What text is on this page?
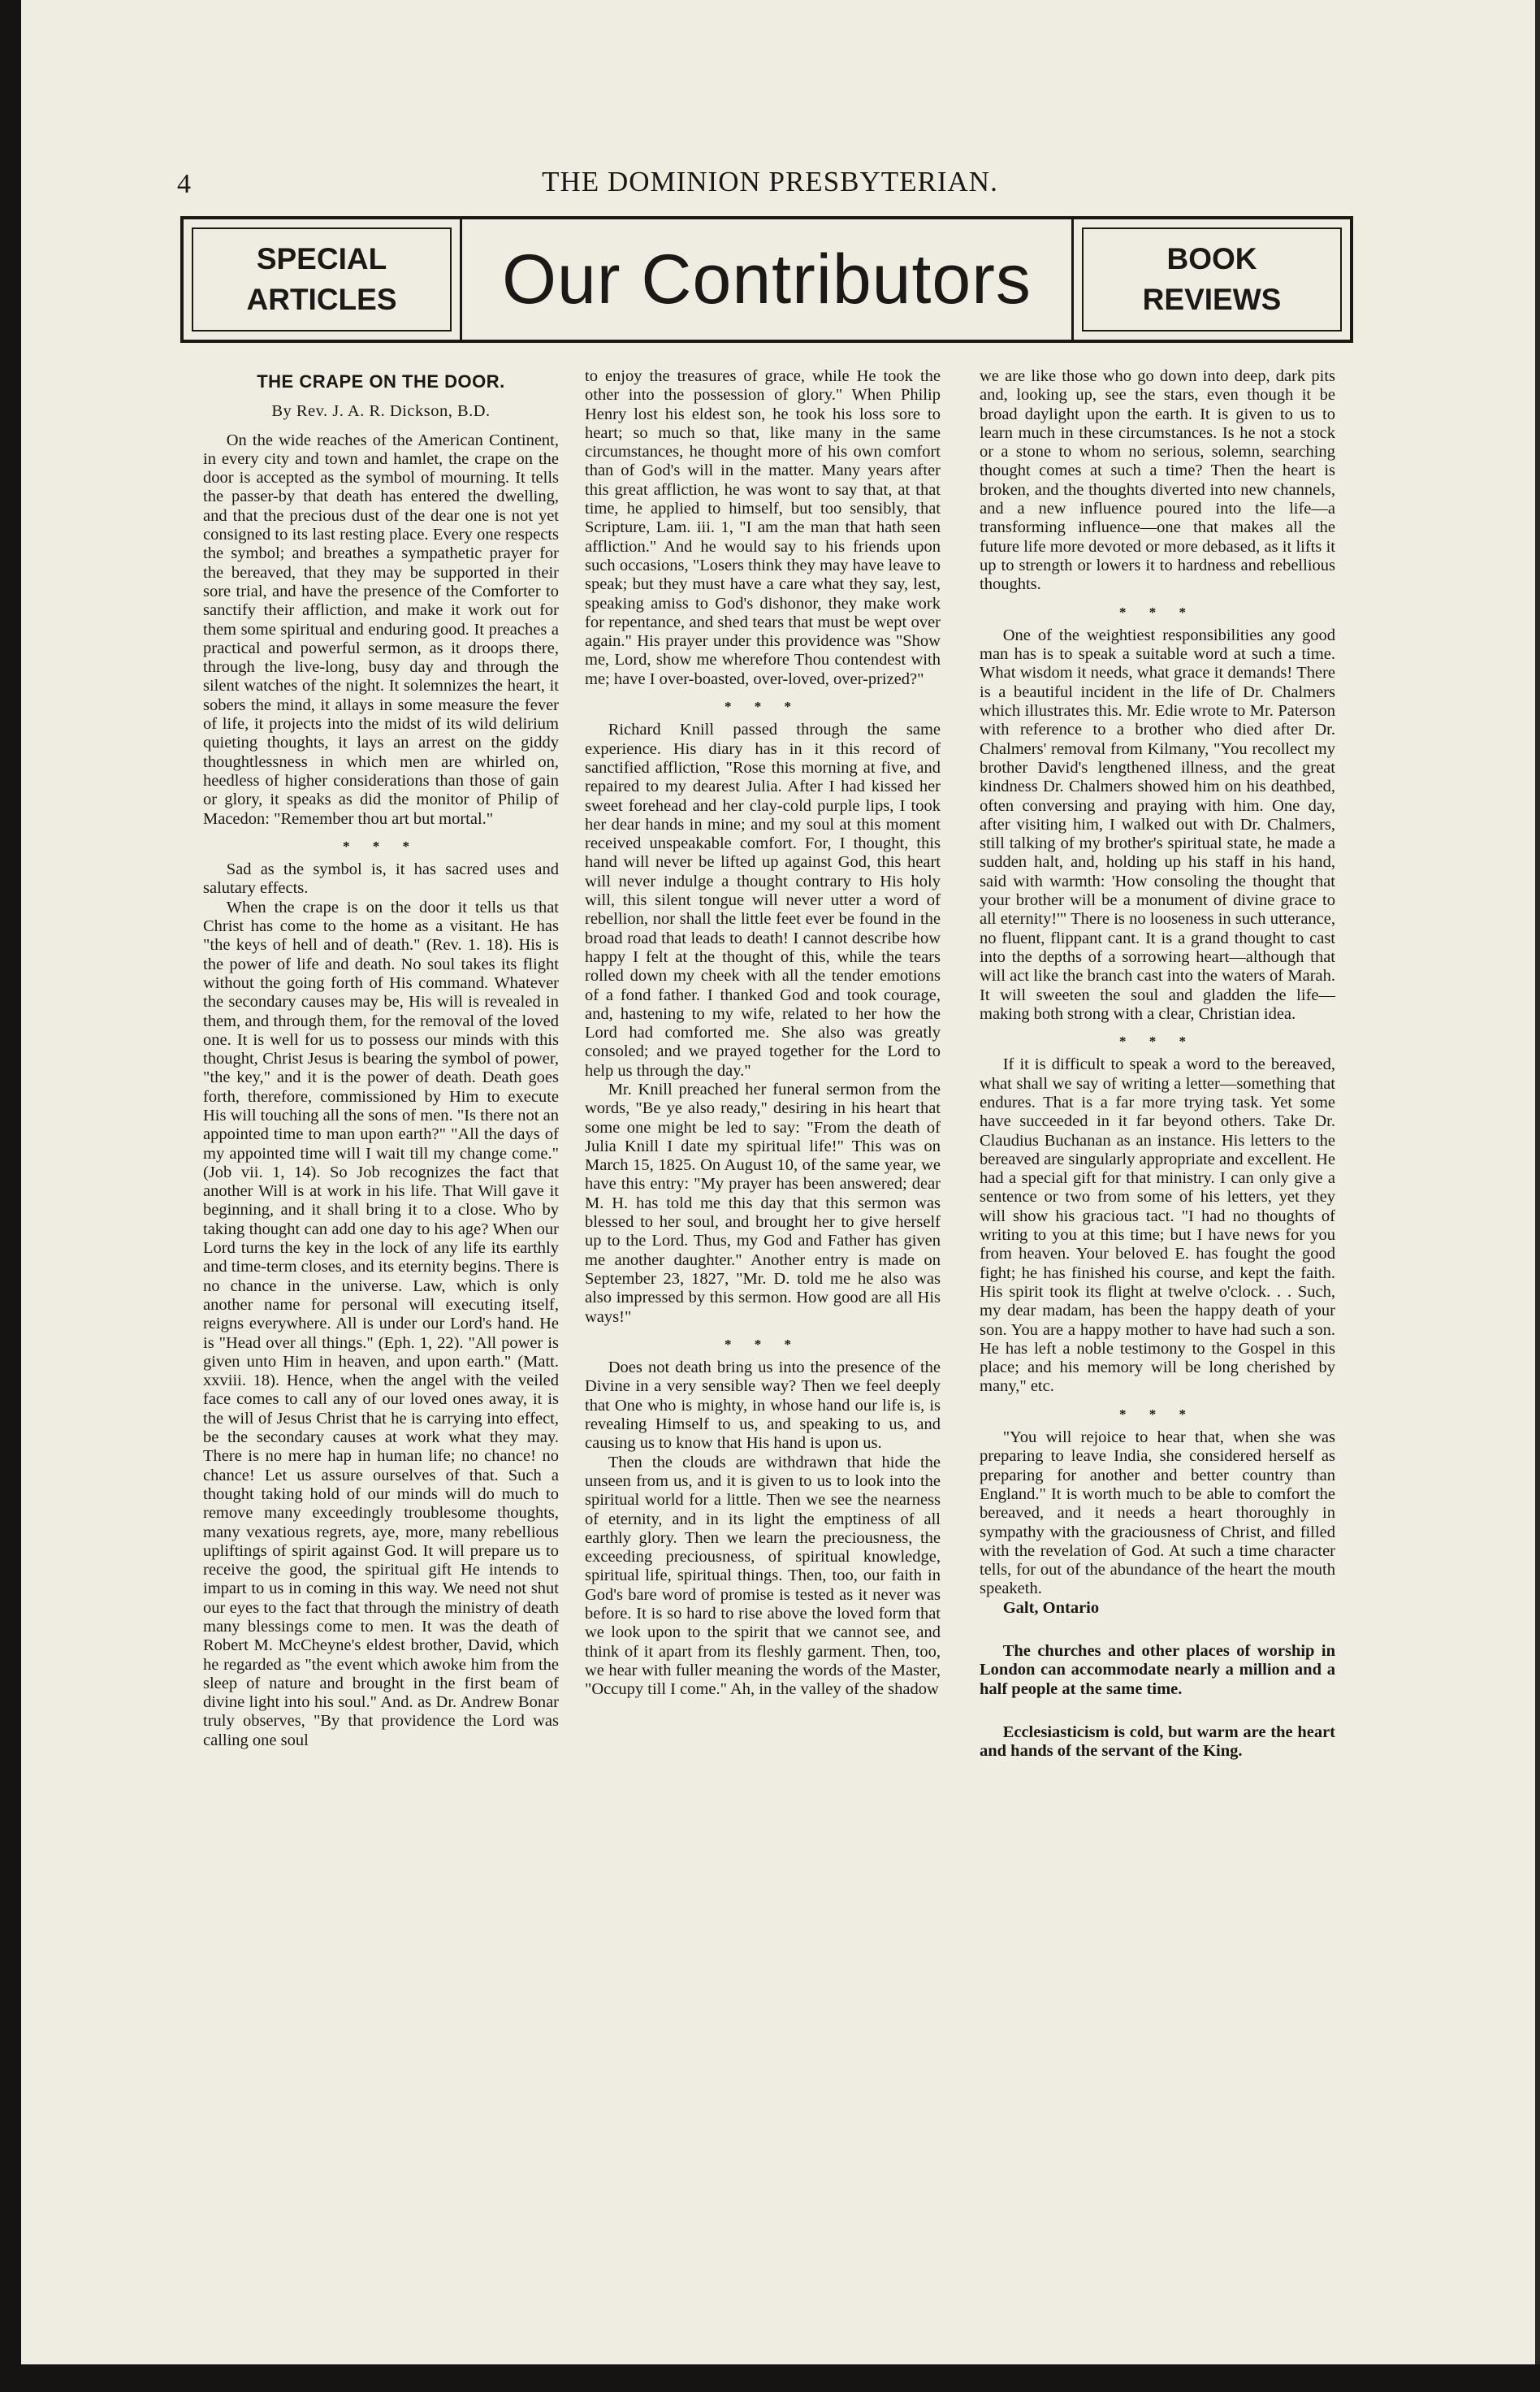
4	THE DOMINION PRESBYTERIAN.
SPECIAL
ARTICLES	Our Contributors	BOOK
REVIEWS
THE CRAPE ON THE DOOR.
By Rev. J. A. R. Dickson, B.D.

On the wide reaches of the American Continent, in every city and town and hamlet, the crape on the door is accepted as the symbol of mourning. It tells the passer-by that death has entered the dwelling, and that the precious dust of the dear one is not yet consigned to its last resting place. Every one respects the symbol; and breathes a sympathetic prayer for the bereaved, that they may be supported in their sore trial, and have the presence of the Comforter to sanctify their affliction, and make it work out for them some spiritual and enduring good. It preaches a practical and powerful sermon, as it droops there, through the live-long, busy day and through the silent watches of the night. It solemnizes the heart, it sobers the mind, it allays in some measure the fever of life, it projects into the midst of its wild delirium quieting thoughts, it lays an arrest on the giddy thoughtlessness in which men are whirled on, heedless of higher considerations than those of gain or glory, it speaks as did the monitor of Philip of Macedon: "Remember thou art but mortal."

* * *

Sad as the symbol is, it has sacred uses and salutary effects.

When the crape is on the door it tells us that Christ has come to the home as a visitant. He has "the keys of hell and of death." (Rev. 1. 18). His is the power of life and death. No soul takes its flight without the going forth of His command. Whatever the secondary causes may be, His will is revealed in them, and through them, for the removal of the loved one. It is well for us to possess our minds with this thought, Christ Jesus is bearing the symbol of power, "the key," and it is the power of death. Death goes forth, therefore, commissioned by Him to execute His will touching all the sons of men. "Is there not an appointed time to man upon earth?" "All the days of my appointed time will I wait till my change come." (Job vii. 1, 14). So Job recognizes the fact that another Will is at work in his life. That Will gave it beginning, and it shall bring it to a close. Who by taking thought can add one day to his age? When our Lord turns the key in the lock of any life its earthly and time-term closes, and its eternity begins. There is no chance in the universe. Law, which is only another name for personal will executing itself, reigns everywhere. All is under our Lord's hand. He is "Head over all things." (Eph. 1, 22). "All power is given unto Him in heaven, and upon earth." (Matt. xxviii. 18). Hence, when the angel with the veiled face comes to call any of our loved ones away, it is the will of Jesus Christ that he is carrying into effect, be the secondary causes at work what they may. There is no mere hap in human life; no chance! no chance! Let us assure ourselves of that. Such a thought taking hold of our minds will do much to remove many exceedingly troublesome thoughts, many vexatious regrets, aye, more, many rebellious upliftings of spirit against God. It will prepare us to receive the good, the spiritual gift He intends to impart to us in coming in this way. We need not shut our eyes to the fact that through the ministry of death many blessings come to men. It was the death of Robert M. McCheyne's eldest brother, David, which he regarded as "the event which awoke him from the sleep of nature and brought in the first beam of divine light into his soul." And. as Dr. Andrew Bonar truly observes, "By that providence the Lord was calling one soul

to enjoy the treasures of grace, while He took the other into the possession of glory." When Philip Henry lost his eldest son, he took his loss sore to heart; so much so that, like many in the same circumstances, he thought more of his own comfort than of God's will in the matter. Many years after this great affliction, he was wont to say that, at that time, he applied to himself, but too sensibly, that Scripture, Lam. iii. 1, "I am the man that hath seen affliction." And he would say to his friends upon such occasions, "Losers think they may have leave to speak; but they must have a care what they say, lest, speaking amiss to God's dishonor, they make work for repentance, and shed tears that must be wept over again." His prayer under this providence was "Show me, Lord, show me wherefore Thou contendest with me; have I over-boasted, over-loved, over-prized?"

* * *

Richard Knill passed through the same experience. His diary has in it this record of sanctified affliction, "Rose this morning at five, and repaired to my dearest Julia. After I had kissed her sweet forehead and her clay-cold purple lips, I took her dear hands in mine; and my soul at this moment received unspeakable comfort. For, I thought, this hand will never be lifted up against God, this heart will never indulge a thought contrary to His holy will, this silent tongue will never utter a word of rebellion, nor shall the little feet ever be found in the broad road that leads to death! I cannot describe how happy I felt at the thought of this, while the tears rolled down my cheek with all the tender emotions of a fond father. I thanked God and took courage, and, hastening to my wife, related to her how the Lord had comforted me. She also was greatly consoled; and we prayed together for the Lord to help us through the day."

Mr. Knill preached her funeral sermon from the words, "Be ye also ready," desiring in his heart that some one might be led to say: "From the death of Julia Knill I date my spiritual life!" This was on March 15, 1825. On August 10, of the same year, we have this entry: "My prayer has been answered; dear M. H. has told me this day that this sermon was blessed to her soul, and brought her to give herself up to the Lord. Thus, my God and Father has given me another daughter." Another entry is made on September 23, 1827, "Mr. D. told me he also was also impressed by this sermon. How good are all His ways!"

* * *

Does not death bring us into the presence of the Divine in a very sensible way? Then we feel deeply that One who is mighty, in whose hand our life is, is revealing Himself to us, and speaking to us, and causing us to know that His hand is upon us.

Then the clouds are withdrawn that hide the unseen from us, and it is given to us to look into the spiritual world for a little. Then we see the nearness of eternity, and in its light the emptiness of all earthly glory. Then we learn the preciousness, the exceeding preciousness, of spiritual knowledge, spiritual life, spiritual things. Then, too, our faith in God's bare word of promise is tested as it never was before. It is so hard to rise above the loved form that we look upon to the spirit that we cannot see, and think of it apart from its fleshly garment. Then, too, we hear with fuller meaning the words of the Master, "Occupy till I come." Ah, in the valley of the shadow

we are like those who go down into deep, dark pits and, looking up, see the stars, even though it be broad daylight upon the earth. It is given to us to learn much in these circumstances. Is he not a stock or a stone to whom no serious, solemn, searching thought comes at such a time? Then the heart is broken, and the thoughts diverted into new channels, and a new influence poured into the life—a transforming influence—one that makes all the future life more devoted or more debased, as it lifts it up to strength or lowers it to hardness and rebellious thoughts.

* * *

One of the weightiest responsibilities any good man has is to speak a suitable word at such a time. What wisdom it needs, what grace it demands! There is a beautiful incident in the life of Dr. Chalmers which illustrates this. Mr. Edie wrote to Mr. Paterson with reference to a brother who died after Dr. Chalmers' removal from Kilmany, "You recollect my brother David's lengthened illness, and the great kindness Dr. Chalmers showed him on his deathbed, often conversing and praying with him. One day, after visiting him, I walked out with Dr. Chalmers, still talking of my brother's spiritual state, he made a sudden halt, and, holding up his staff in his hand, said with warmth: 'How consoling the thought that your brother will be a monument of divine grace to all eternity!'" There is no looseness in such utterance, no fluent, flippant cant. It is a grand thought to cast into the depths of a sorrowing heart—although that will act like the branch cast into the waters of Marah. It will sweeten the soul and gladden the life—making both strong with a clear, Christian idea.

* * *

If it is difficult to speak a word to the bereaved, what shall we say of writing a letter—something that endures. That is a far more trying task. Yet some have succeeded in it far beyond others. Take Dr. Claudius Buchanan as an instance. His letters to the bereaved are singularly appropriate and excellent. He had a special gift for that ministry. I can only give a sentence or two from some of his letters, yet they will show his gracious tact. "I had no thoughts of writing to you at this time; but I have news for you from heaven. Your beloved E. has fought the good fight; he has finished his course, and kept the faith. His spirit took its flight at twelve o'clock. . . Such, my dear madam, has been the happy death of your son. You are a happy mother to have had such a son. He has left a noble testimony to the Gospel in this place; and his memory will be long cherished by many," etc.

* * *

"You will rejoice to hear that, when she was preparing to leave India, she considered herself as preparing for another and better country than England." It is worth much to be able to comfort the bereaved, and it needs a heart thoroughly in sympathy with the graciousness of Christ, and filled with the revelation of God. At such a time character tells, for out of the abundance of the heart the mouth speaketh.

Galt, Ontario

The churches and other places of worship in London can accommodate nearly a million and a half people at the same time.

Ecclesiasticism is cold, but warm are the heart and hands of the servant of the King.
